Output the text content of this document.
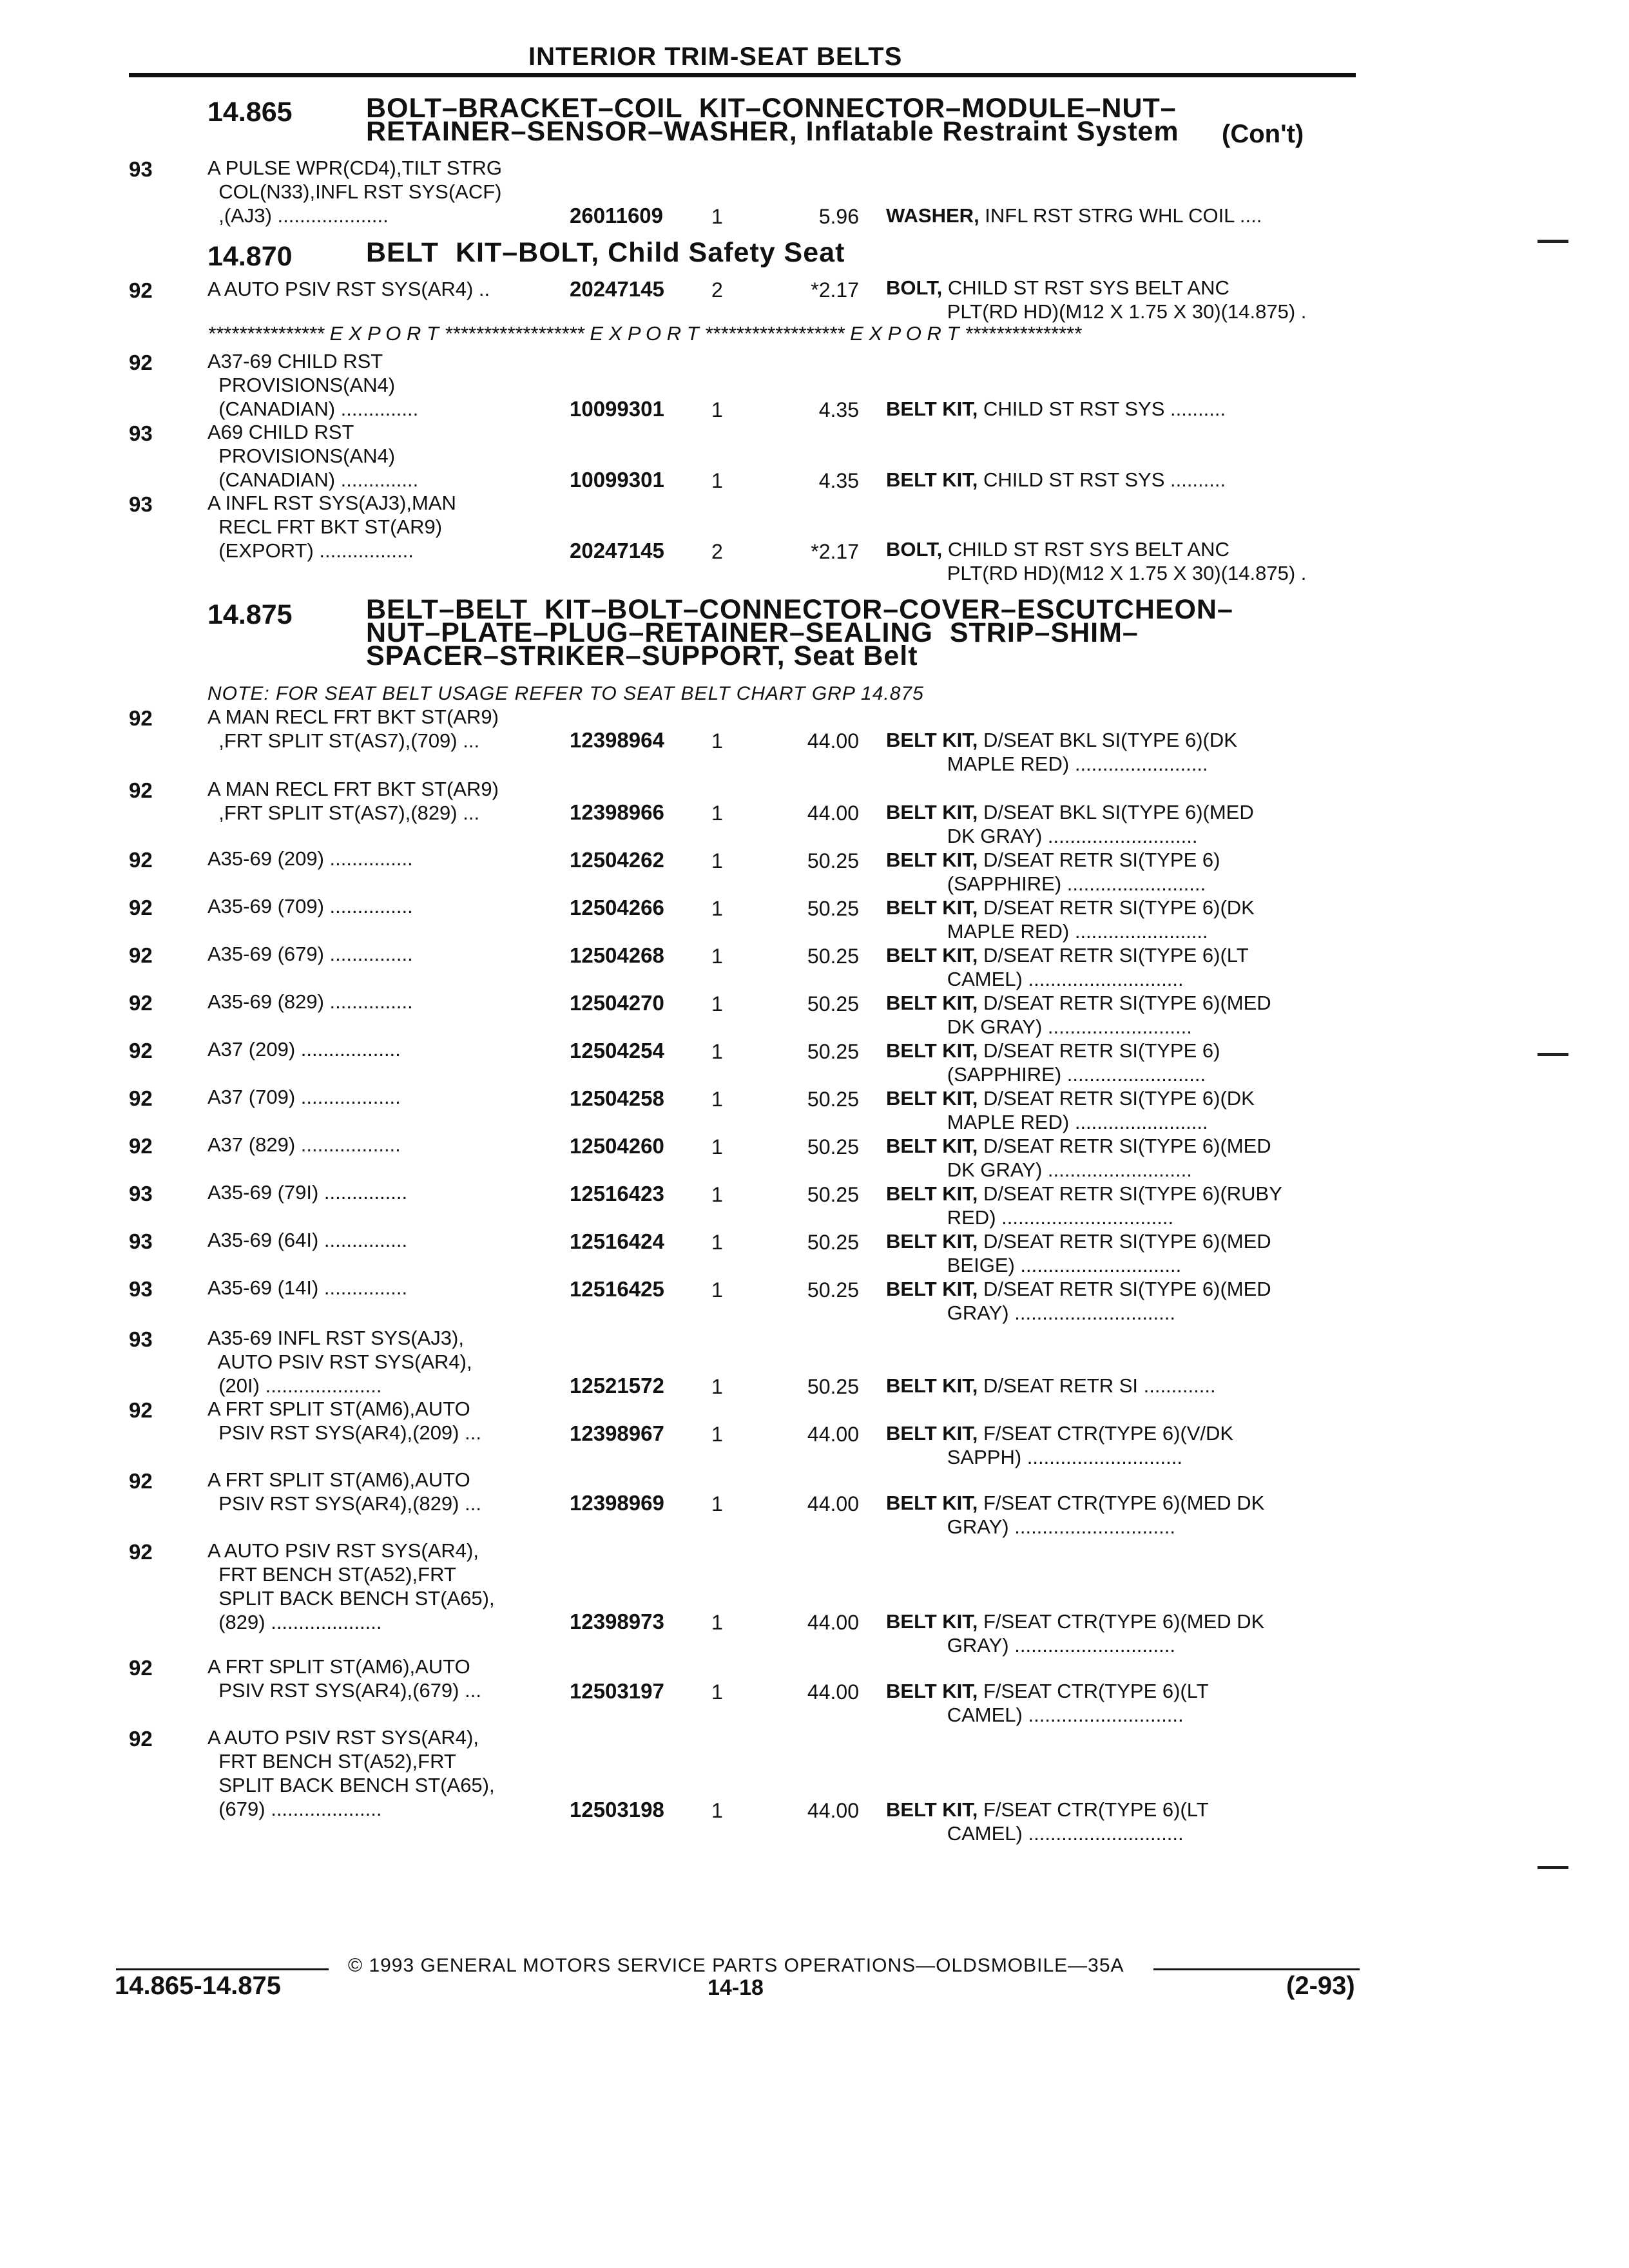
INTERIOR TRIM-SEAT BELTS
14.865	BOLT–BRACKET–COIL  KIT–CONNECTOR–MODULE–NUT–
RETAINER–SENSOR–WASHER, Inflatable Restraint System (Con't)
93	A PULSE WPR(CD4),TILT STRG
COL(N33),INFL RST SYS(ACF)
,(AJ3) ....................	26011609 1	5.96 WASHER, INFL RST STRG WHL COIL ....
14.870	BELT  KIT–BOLT, Child Safety Seat
92	A AUTO PSIV RST SYS(AR4) ..	20247145 2	*2.17 BOLT, CHILD ST RST SYS BELT ANC
PLT(RD HD)(M12 X 1.75 X 30)(14.875) .
*************** E X P O R T ****************** E X P O R T ****************** E X P O R T ***************
92	A37-69 CHILD RST
PROVISIONS(AN4)
(CANADIAN) ..............	10099301 1	4.35 BELT KIT, CHILD ST RST SYS ..........
93	A69 CHILD RST
PROVISIONS(AN4)
(CANADIAN) ..............	10099301 1	4.35 BELT KIT, CHILD ST RST SYS ..........
93	A INFL RST SYS(AJ3),MAN
RECL FRT BKT ST(AR9)
(EXPORT) .................	20247145 2	*2.17 BOLT, CHILD ST RST SYS BELT ANC
PLT(RD HD)(M12 X 1.75 X 30)(14.875) .
14.875	BELT–BELT  KIT–BOLT–CONNECTOR–COVER–ESCUTCHEON–
NUT–PLATE–PLUG–RETAINER–SEALING  STRIP–SHIM–
SPACER–STRIKER–SUPPORT, Seat Belt
NOTE: FOR SEAT BELT USAGE REFER TO SEAT BELT CHART GRP 14.875
92	A MAN RECL FRT BKT ST(AR9)
,FRT SPLIT ST(AS7),(709) ...	12398964 1	44.00 BELT KIT, D/SEAT BKL SI(TYPE 6)(DK
MAPLE RED) ........................
92	A MAN RECL FRT BKT ST(AR9)
,FRT SPLIT ST(AS7),(829) ...	12398966 1	44.00 BELT KIT, D/SEAT BKL SI(TYPE 6)(MED
DK GRAY) ...........................
92	A35-69 (209) ...............	12504262 1	50.25 BELT KIT, D/SEAT RETR SI(TYPE 6)
(SAPPHIRE) .........................
92	A35-69 (709) ...............	12504266 1	50.25 BELT KIT, D/SEAT RETR SI(TYPE 6)(DK
MAPLE RED) ........................
92	A35-69 (679) ...............	12504268 1	50.25 BELT KIT, D/SEAT RETR SI(TYPE 6)(LT
CAMEL) ............................
92	A35-69 (829) ...............	12504270 1	50.25 BELT KIT, D/SEAT RETR SI(TYPE 6)(MED
DK GRAY) ..........................
92	A37 (209) ..................	12504254 1	50.25 BELT KIT, D/SEAT RETR SI(TYPE 6)
(SAPPHIRE) .........................
92	A37 (709) ..................	12504258 1	50.25 BELT KIT, D/SEAT RETR SI(TYPE 6)(DK
MAPLE RED) ........................
92	A37 (829) ..................	12504260 1	50.25 BELT KIT, D/SEAT RETR SI(TYPE 6)(MED
DK GRAY) ..........................
93	A35-69 (79I) ...............	12516423 1	50.25 BELT KIT, D/SEAT RETR SI(TYPE 6)(RUBY
RED) ...............................
93	A35-69 (64I) ...............	12516424 1	50.25 BELT KIT, D/SEAT RETR SI(TYPE 6)(MED
BEIGE) .............................
93	A35-69 (14I) ...............	12516425 1	50.25 BELT KIT, D/SEAT RETR SI(TYPE 6)(MED
GRAY) .............................
93	A35-69 INFL RST SYS(AJ3),
AUTO PSIV RST SYS(AR4),
(20I) .....................	12521572 1	50.25 BELT KIT, D/SEAT RETR SI .............
92	A FRT SPLIT ST(AM6),AUTO
PSIV RST SYS(AR4),(209) ...	12398967 1	44.00 BELT KIT, F/SEAT CTR(TYPE 6)(V/DK
SAPPH) ............................
92	A FRT SPLIT ST(AM6),AUTO
PSIV RST SYS(AR4),(829) ...	12398969 1	44.00 BELT KIT, F/SEAT CTR(TYPE 6)(MED DK
GRAY) .............................
92	A AUTO PSIV RST SYS(AR4),
FRT BENCH ST(A52),FRT
SPLIT BACK BENCH ST(A65),
(829) ....................	12398973 1	44.00 BELT KIT, F/SEAT CTR(TYPE 6)(MED DK
GRAY) .............................
92	A FRT SPLIT ST(AM6),AUTO
PSIV RST SYS(AR4),(679) ...	12503197 1	44.00 BELT KIT, F/SEAT CTR(TYPE 6)(LT
CAMEL) ............................
92	A AUTO PSIV RST SYS(AR4),
FRT BENCH ST(A52),FRT
SPLIT BACK BENCH ST(A65),
(679) ....................	12503198 1	44.00 BELT KIT, F/SEAT CTR(TYPE 6)(LT
CAMEL) ............................
© 1993 GENERAL MOTORS SERVICE PARTS OPERATIONS—OLDSMOBILE—35A
14.865-14.875	14-18	(2-93)
